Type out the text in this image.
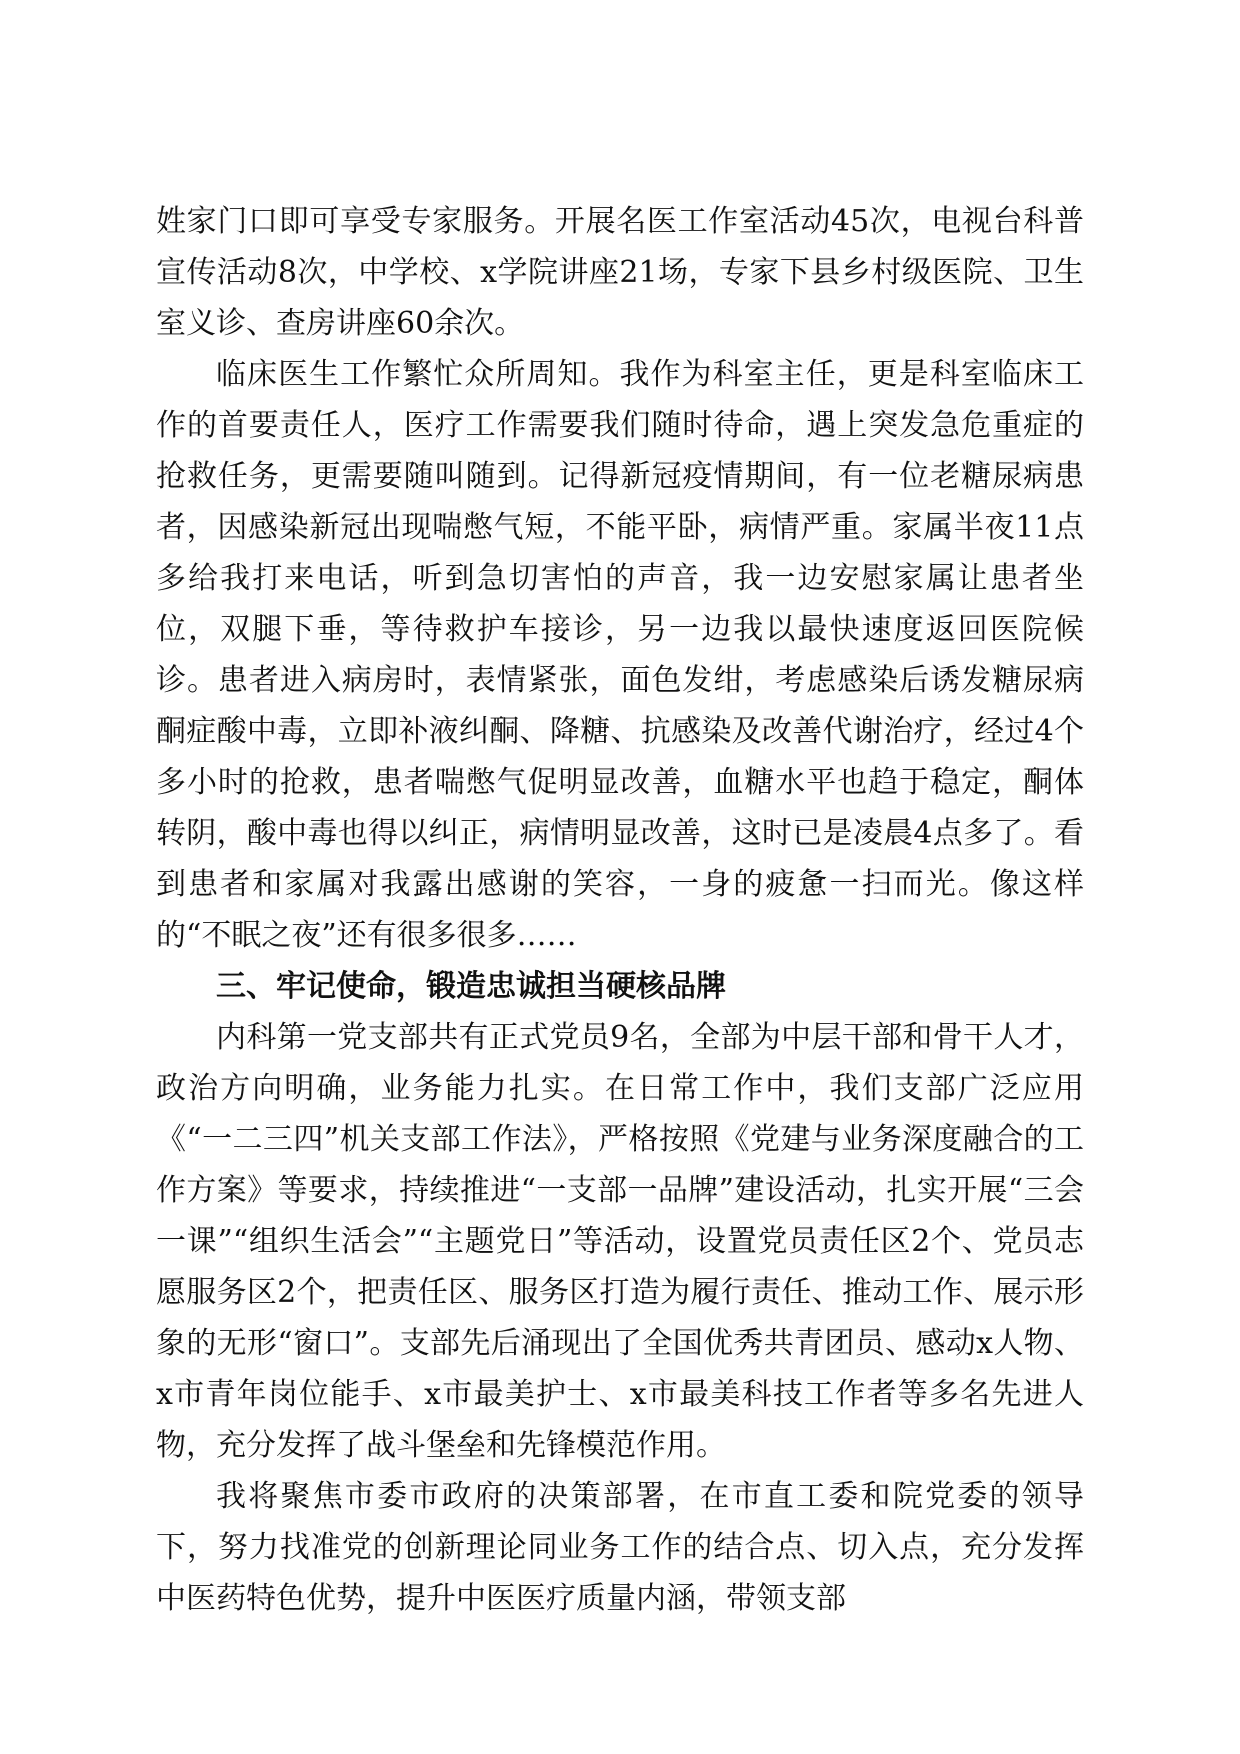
姓家门口即可享受专家服务。开展名医工作室活动45次，电视台科普宣传活动8次，中学校、x学院讲座21场，专家下县乡村级医院、卫生室义诊、查房讲座60余次。

临床医生工作繁忙众所周知。我作为科室主任，更是科室临床工作的首要责任人，医疗工作需要我们随时待命，遇上突发急危重症的抢救任务，更需要随叫随到。记得新冠疫情期间，有一位老糖尿病患者，因感染新冠出现喘憋气短，不能平卧，病情严重。家属半夜11点多给我打来电话，听到急切害怕的声音，我一边安慰家属让患者坐位，双腿下垂，等待救护车接诊，另一边我以最快速度返回医院候诊。患者进入病房时，表情紧张，面色发绀，考虑感染后诱发糖尿病酮症酸中毒，立即补液纠酮、降糖、抗感染及改善代谢治疗，经过4个多小时的抢救，患者喘憋气促明显改善，血糖水平也趋于稳定，酮体转阴，酸中毒也得以纠正，病情明显改善，这时已是凌晨4点多了。看到患者和家属对我露出感谢的笑容，一身的疲惫一扫而光。像这样的“不眠之夜”还有很多很多……

三、牢记使命，锻造忠诚担当硬核品牌

内科第一党支部共有正式党员9名，全部为中层干部和骨干人才，政治方向明确，业务能力扎实。在日常工作中，我们支部广泛应用《“一二三四”机关支部工作法》，严格按照《党建与业务深度融合的工作方案》等要求，持续推进“一支部一品牌”建设活动，扎实开展“三会一课”“组织生活会”“主题党日”等活动，设置党员责任区2个、党员志愿服务区2个，把责任区、服务区打造为履行责任、推动工作、展示形象的无形“窗口”。支部先后涌现出了全国优秀共青团员、感动x人物、x市青年岗位能手、x市最美护士、x市最美科技工作者等多名先进人物，充分发挥了战斗堡垒和先锋模范作用。

我将聚焦市委市政府的决策部署，在市直工委和院党委的领导下，努力找准党的创新理论同业务工作的结合点、切入点，充分发挥中医药特色优势，提升中医医疗质量内涵，带领支部
